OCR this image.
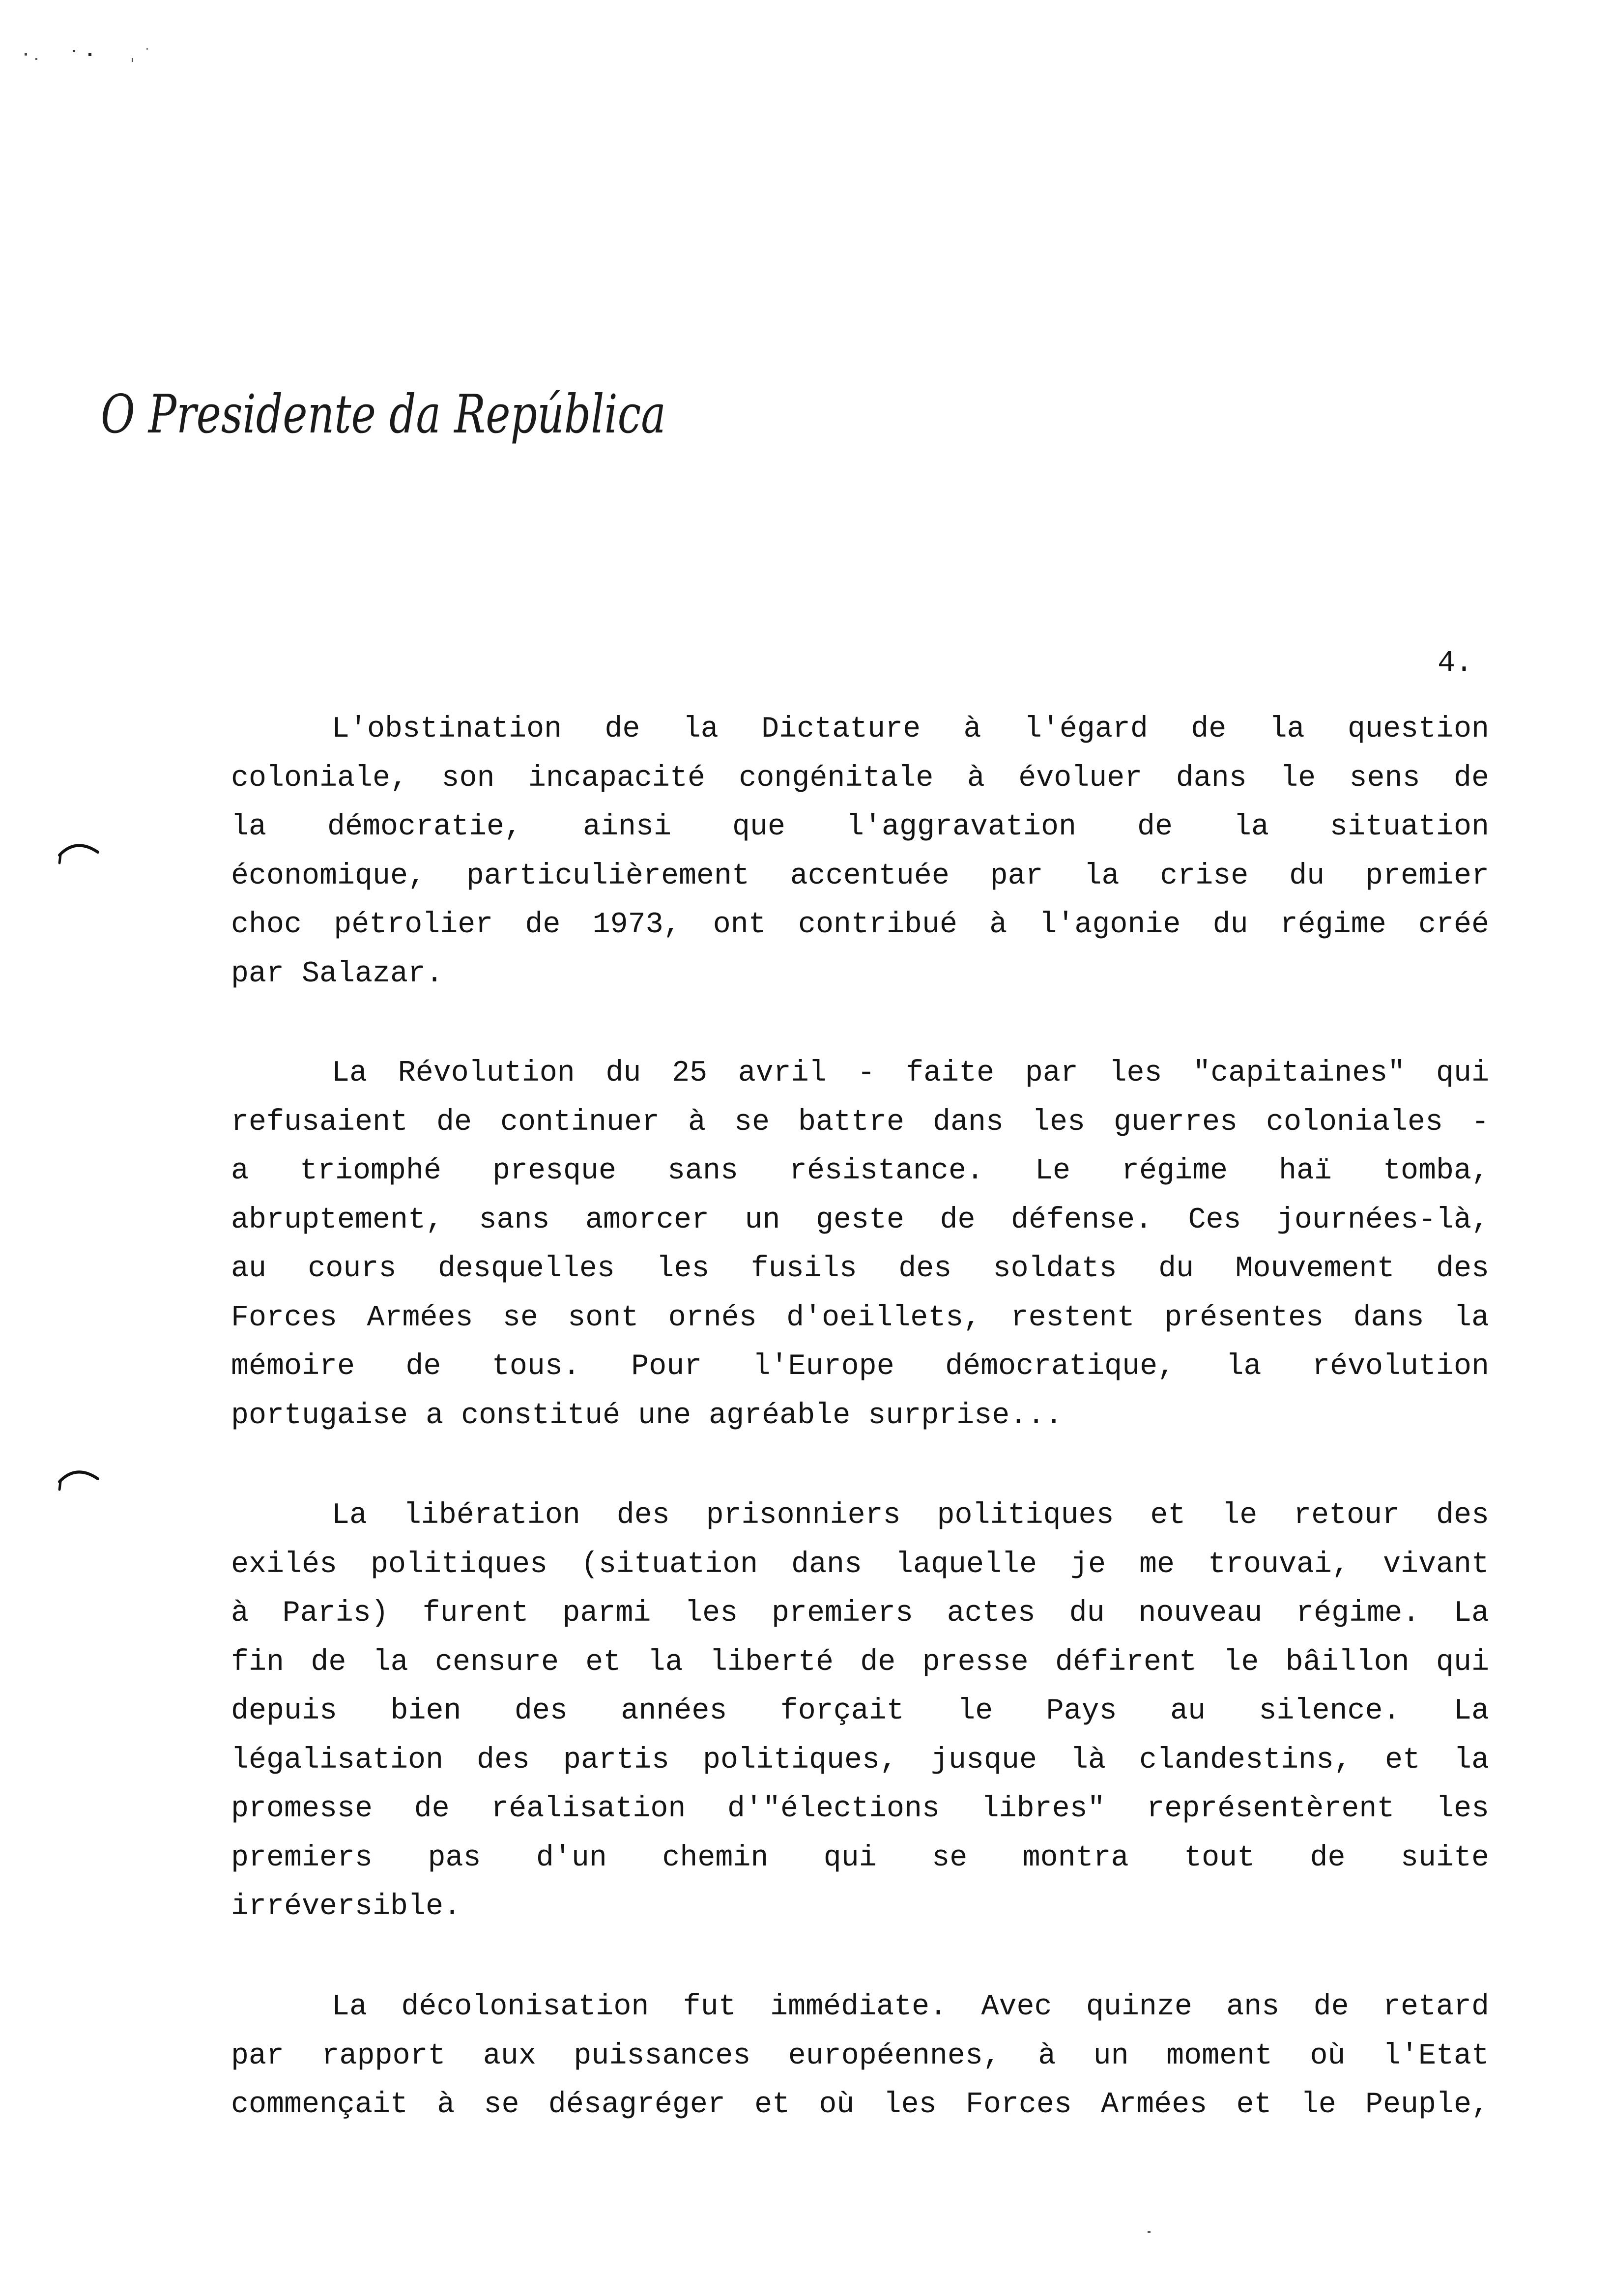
O Presidente da República
4.
L'obstination de la Dictature à l'égard de la question
coloniale, son incapacité congénitale à évoluer dans le sens de
la démocratie, ainsi que l'aggravation de la situation
économique, particulièrement accentuée par la crise du premier
choc pétrolier de 1973, ont contribué à l'agonie du régime créé
par Salazar.
La Révolution du 25 avril - faite par les "capitaines" qui
refusaient de continuer à se battre dans les guerres coloniales -
a triomphé presque sans résistance. Le régime haï tomba,
abruptement, sans amorcer un geste de défense. Ces journées-là,
au cours desquelles les fusils des soldats du Mouvement des
Forces Armées se sont ornés d'oeillets, restent présentes dans la
mémoire de tous. Pour l'Europe démocratique, la révolution
portugaise a constitué une agréable surprise...
La libération des prisonniers politiques et le retour des
exilés politiques (situation dans laquelle je me trouvai, vivant
à Paris) furent parmi les premiers actes du nouveau régime. La
fin de la censure et la liberté de presse défirent le bâillon qui
depuis bien des années forçait le Pays au silence. La
légalisation des partis politiques, jusque là clandestins, et la
promesse de réalisation d'"élections libres" représentèrent les
premiers pas d'un chemin qui se montra tout de suite
irréversible.
La décolonisation fut immédiate. Avec quinze ans de retard
par rapport aux puissances européennes, à un moment où l'Etat
commençait à se désagréger et où les Forces Armées et le Peuple,
